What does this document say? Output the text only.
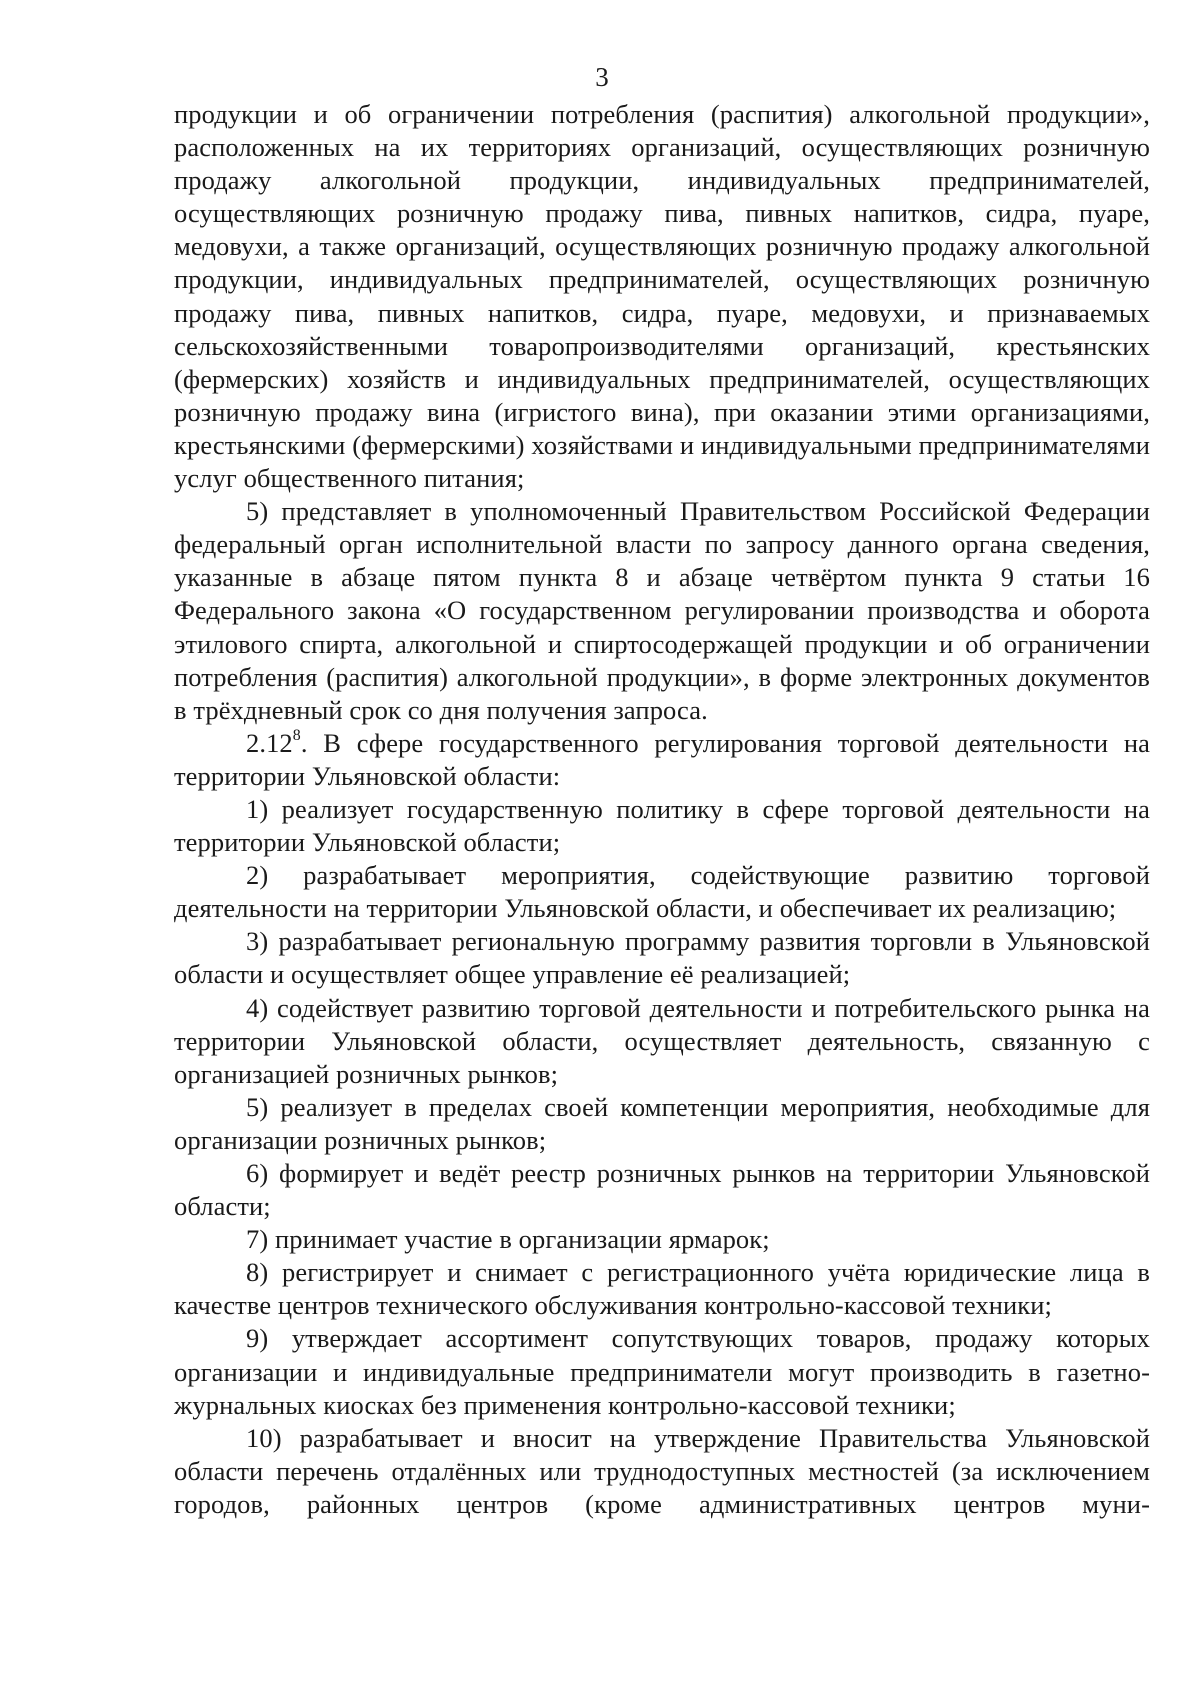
3

продукции и об ограничении потребления (распития) алкогольной продукции», расположенных на их территориях организаций, осуществляющих розничную продажу алкогольной продукции, индивидуальных предпринимателей, осуществляющих розничную продажу пива, пивных напитков, сидра, пуаре, медовухи, а также организаций, осуществляющих розничную продажу алкогольной продукции, индивидуальных предпринимателей, осуществляющих розничную продажу пива, пивных напитков, сидра, пуаре, медовухи, и признаваемых сельскохозяйственными товаропроизводителями организаций, крестьянских (фермерских) хозяйств и индивидуальных предпринимателей, осуществляющих розничную продажу вина (игристого вина), при оказании этими организациями, крестьянскими (фермерскими) хозяйствами и индивидуальными предпринимателями услуг общественного питания;

5) представляет в уполномоченный Правительством Российской Федерации федеральный орган исполнительной власти по запросу данного органа сведения, указанные в абзаце пятом пункта 8 и абзаце четвёртом пункта 9 статьи 16 Федерального закона «О государственном регулировании производства и оборота этилового спирта, алкогольной и спиртосодержащей продукции и об ограничении потребления (распития) алкогольной продукции», в форме электронных документов в трёхдневный срок со дня получения запроса.

2.12$^8$. В сфере государственного регулирования торговой деятельности на территории Ульяновской области:

1) реализует государственную политику в сфере торговой деятельности на территории Ульяновской области;

2) разрабатывает мероприятия, содействующие развитию торговой деятельности на территории Ульяновской области, и обеспечивает их реализацию;

3) разрабатывает региональную программу развития торговли в Ульяновской области и осуществляет общее управление её реализацией;

4) содействует развитию торговой деятельности и потребительского рынка на территории Ульяновской области, осуществляет деятельность, связанную с организацией розничных рынков;

5) реализует в пределах своей компетенции мероприятия, необходимые для организации розничных рынков;

6) формирует и ведёт реестр розничных рынков на территории Ульяновской области;

7) принимает участие в организации ярмарок;

8) регистрирует и снимает с регистрационного учёта юридические лица в качестве центров технического обслуживания контрольно-кассовой техники;

9) утверждает ассортимент сопутствующих товаров, продажу которых организации и индивидуальные предприниматели могут производить в газетно-журнальных киосках без применения контрольно-кассовой техники;

10) разрабатывает и вносит на утверждение Правительства Ульяновской области перечень отдалённых или труднодоступных местностей (за исключением городов, районных центров (кроме административных центров муни-
